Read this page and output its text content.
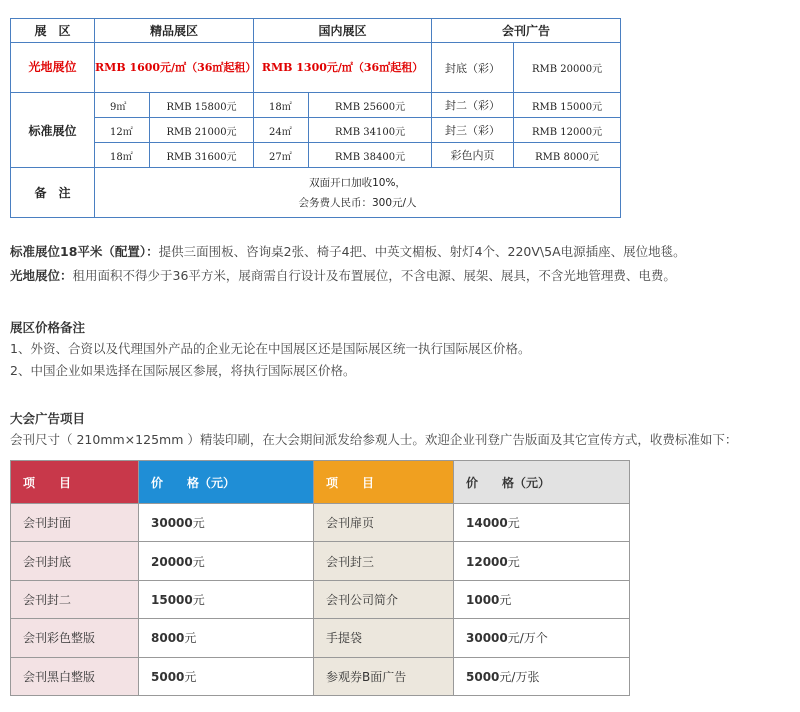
展　区	精品展区		国内展区		会刊广告	
光地展位	RMB 1600元/㎡（36㎡起租）		RMB 1300元/㎡（36㎡起租）		封底（彩）	RMB 20000元
标准展位	9㎡	RMB 15800元	18㎡	RMB 25600元	封二（彩）	RMB 15000元
	12㎡	RMB 21000元	24㎡	RMB 34100元	封三（彩）	RMB 12000元
	18㎡	RMB 31600元	27㎡	RMB 38400元	彩色内页	RMB 8000元
备　注	双面开口加收10%，
会务费人民币：300元/人					
标准展位18平米（配置）：提供三面围板、咨询桌2张、椅子4把、中英文楣板、射灯4个、220V\5A电源插座、展位地毯。
光地展位：租用面积不得少于36平方米，展商需自行设计及布置展位，不含电源、展架、展具，不含光地管理费、电费。
展区价格备注
1、外资、合资以及代理国外产品的企业无论在中国展区还是国际展区统一执行国际展区价格。
2、中国企业如果选择在国际展区参展，将执行国际展区价格。
大会广告项目
会刊尺寸（ 210mm×125mm ）精装印刷，在大会期间派发给参观人士。欢迎企业刊登广告版面及其它宣传方式，收费标准如下：
项　　目	价　　格（元）	项　　目	价　　格（元）
会刊封面	30000元	会刊扉页	14000元
会刊封底	20000元	会刊封三	12000元
会刊封二	15000元	会刊公司简介	1000元
会刊彩色整版	8000元	手提袋	30000元/万个
会刊黑白整版	5000元	参观券B面广告	5000元/万张
